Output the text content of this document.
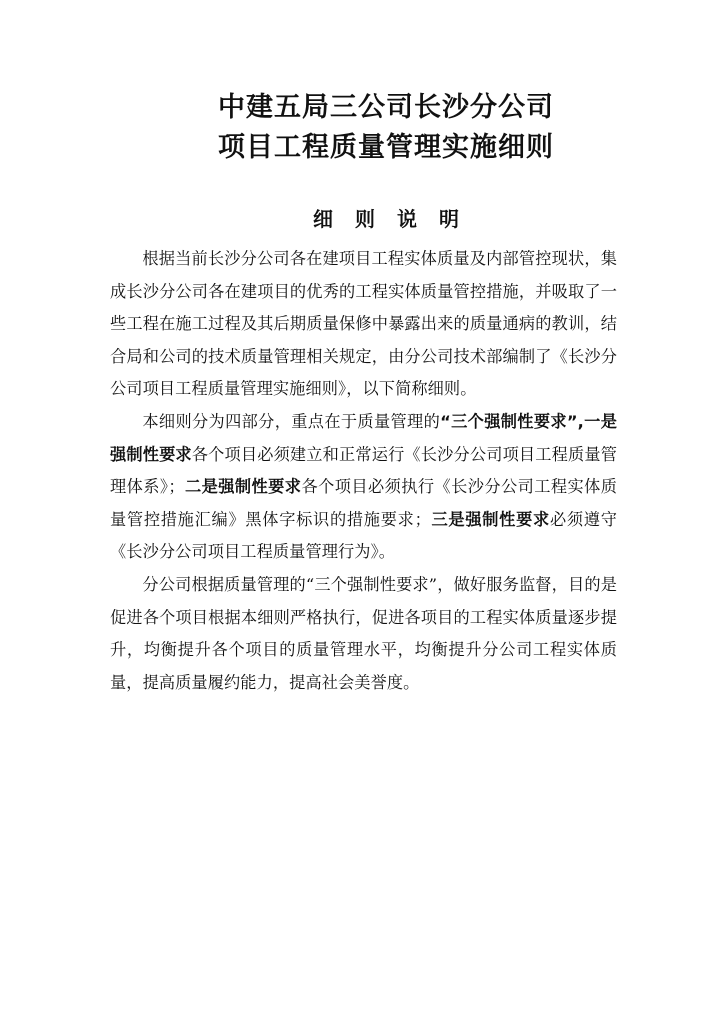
中建五局三公司长沙分公司
项目工程质量管理实施细则
细 则 说 明

根据当前长沙分公司各在建项目工程实体质量及内部管控现状，集成长沙分公司各在建项目的优秀的工程实体质量管控措施，并吸取了一些工程在施工过程及其后期质量保修中暴露出来的质量通病的教训，结合局和公司的技术质量管理相关规定，由分公司技术部编制了《长沙分公司项目工程质量管理实施细则》，以下简称细则。

本细则分为四部分，重点在于质量管理的“三个强制性要求”,一是强制性要求各个项目必须建立和正常运行《长沙分公司项目工程质量管理体系》；二是强制性要求各个项目必须执行《长沙分公司工程实体质量管控措施汇编》黑体字标识的措施要求；三是强制性要求必须遵守《长沙分公司项目工程质量管理行为》。

分公司根据质量管理的“三个强制性要求”，做好服务监督，目的是促进各个项目根据本细则严格执行，促进各项目的工程实体质量逐步提升，均衡提升各个项目的质量管理水平，均衡提升分公司工程实体质量，提高质量履约能力，提高社会美誉度。
